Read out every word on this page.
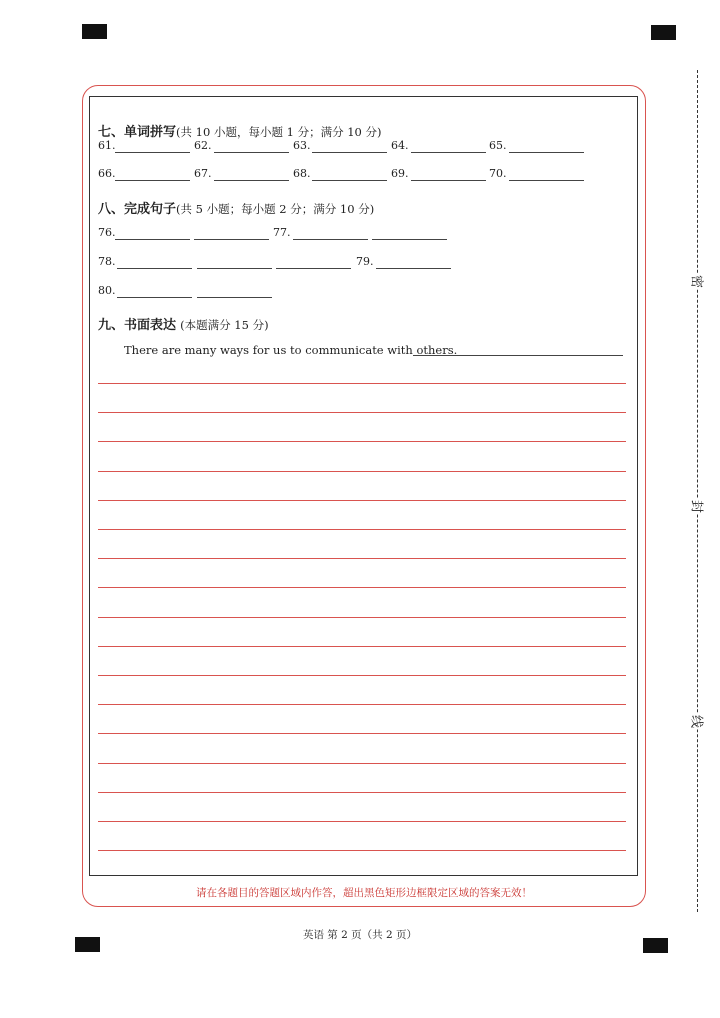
七、单词拼写(共 10 小题，每小题 1 分；满分 10 分)
61.	62.	63.	64.	65.
66.	67.	68.	69.	70.
八、完成句子(共 5 小题；每小题 2 分；满分 10 分)
76.	77.
78.	79.
80.
九、书面表达 (本题满分 15 分)
There are many ways for us to communicate with others.
请在各题目的答题区域内作答，超出黑色矩形边框限定区域的答案无效！
英语 第 2 页（共 2 页）
密
封
线
